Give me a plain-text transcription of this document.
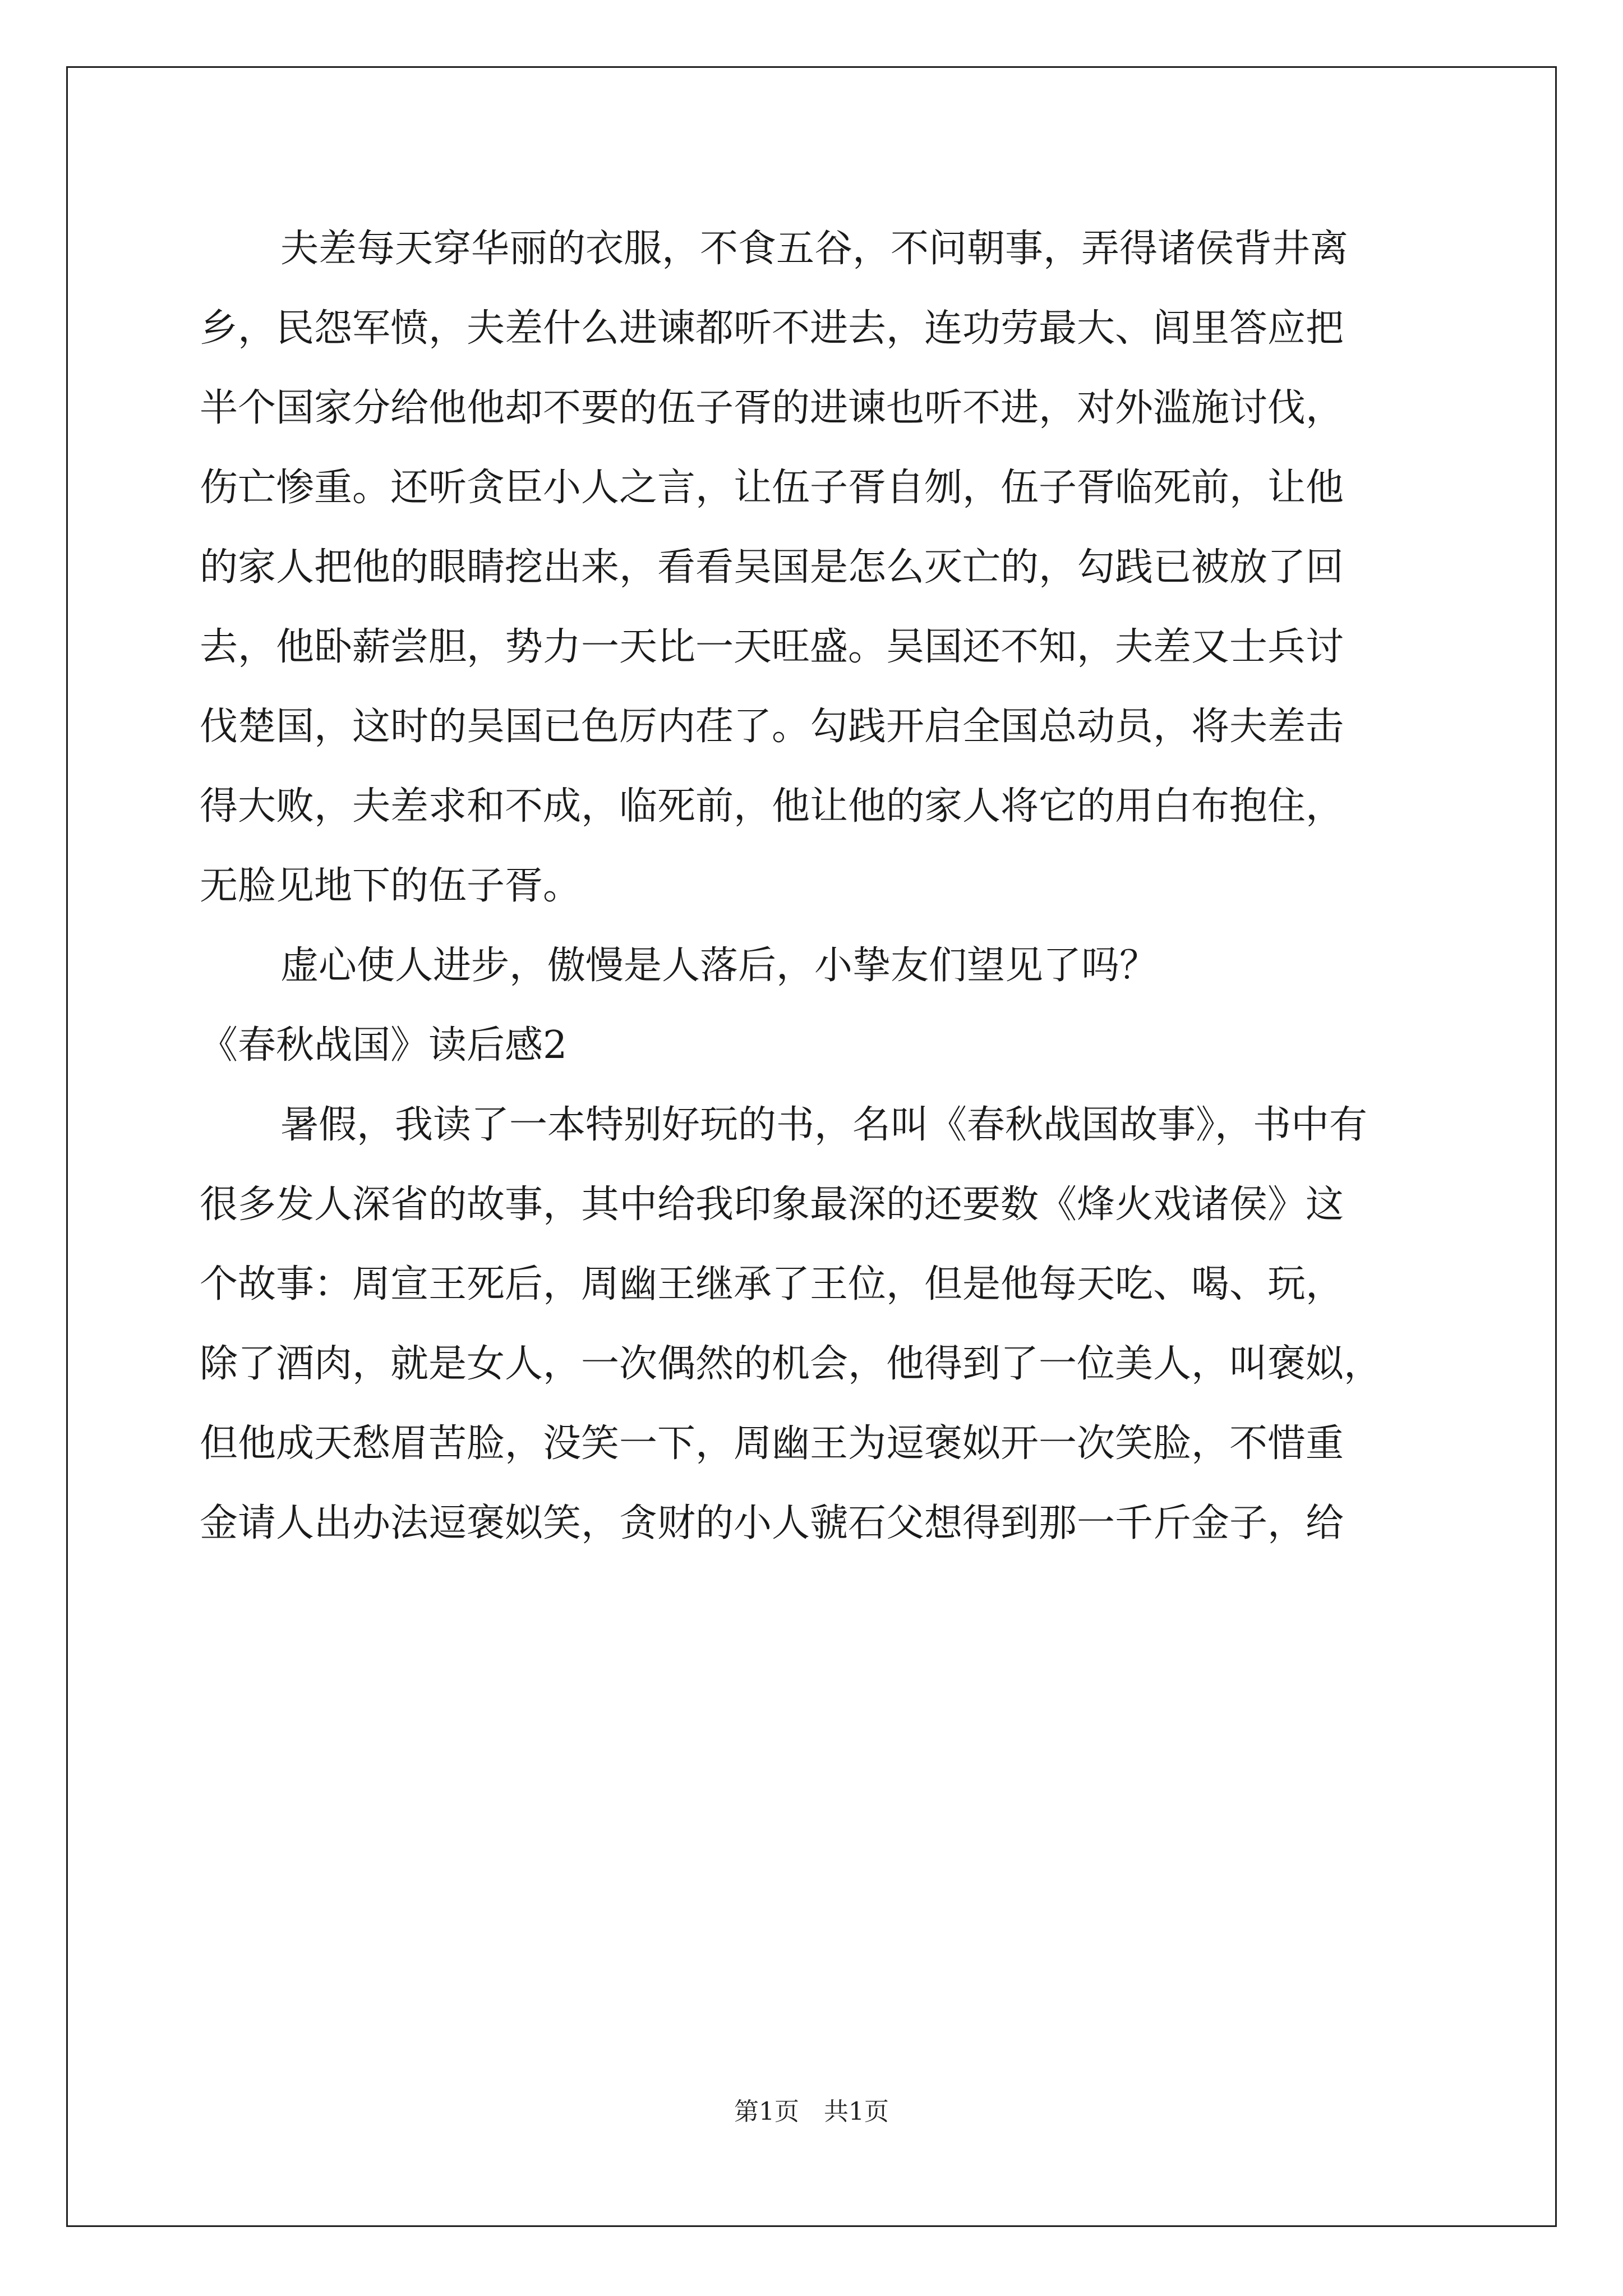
夫差每天穿华丽的衣服，不食五谷，不问朝事，弄得诸侯背井离
乡，民怨军愤，夫差什么进谏都听不进去，连功劳最大、闾里答应把
半个国家分给他他却不要的伍子胥的进谏也听不进，对外滥施讨伐，
伤亡惨重。还听贪臣小人之言，让伍子胥自刎，伍子胥临死前，让他
的家人把他的眼睛挖出来，看看吴国是怎么灭亡的，勾践已被放了回
去，他卧薪尝胆，势力一天比一天旺盛。吴国还不知，夫差又士兵讨
伐楚国，这时的吴国已色厉内荏了。勾践开启全国总动员，将夫差击
得大败，夫差求和不成，临死前，他让他的家人将它的用白布抱住，
无脸见地下的伍子胥。
虚心使人进步，傲慢是人落后，小挚友们望见了吗？
《春秋战国》读后感2
暑假，我读了一本特别好玩的书，名叫《春秋战国故事》，书中有
很多发人深省的故事，其中给我印象最深的还要数《烽火戏诸侯》这
个故事：周宣王死后，周幽王继承了王位，但是他每天吃、喝、玩，
除了酒肉，就是女人，一次偶然的机会，他得到了一位美人，叫褒姒，
但他成天愁眉苦脸，没笑一下，周幽王为逗褒姒开一次笑脸，不惜重
金请人出办法逗褒姒笑，贪财的小人虢石父想得到那一千斤金子，给
第1页　共1页
